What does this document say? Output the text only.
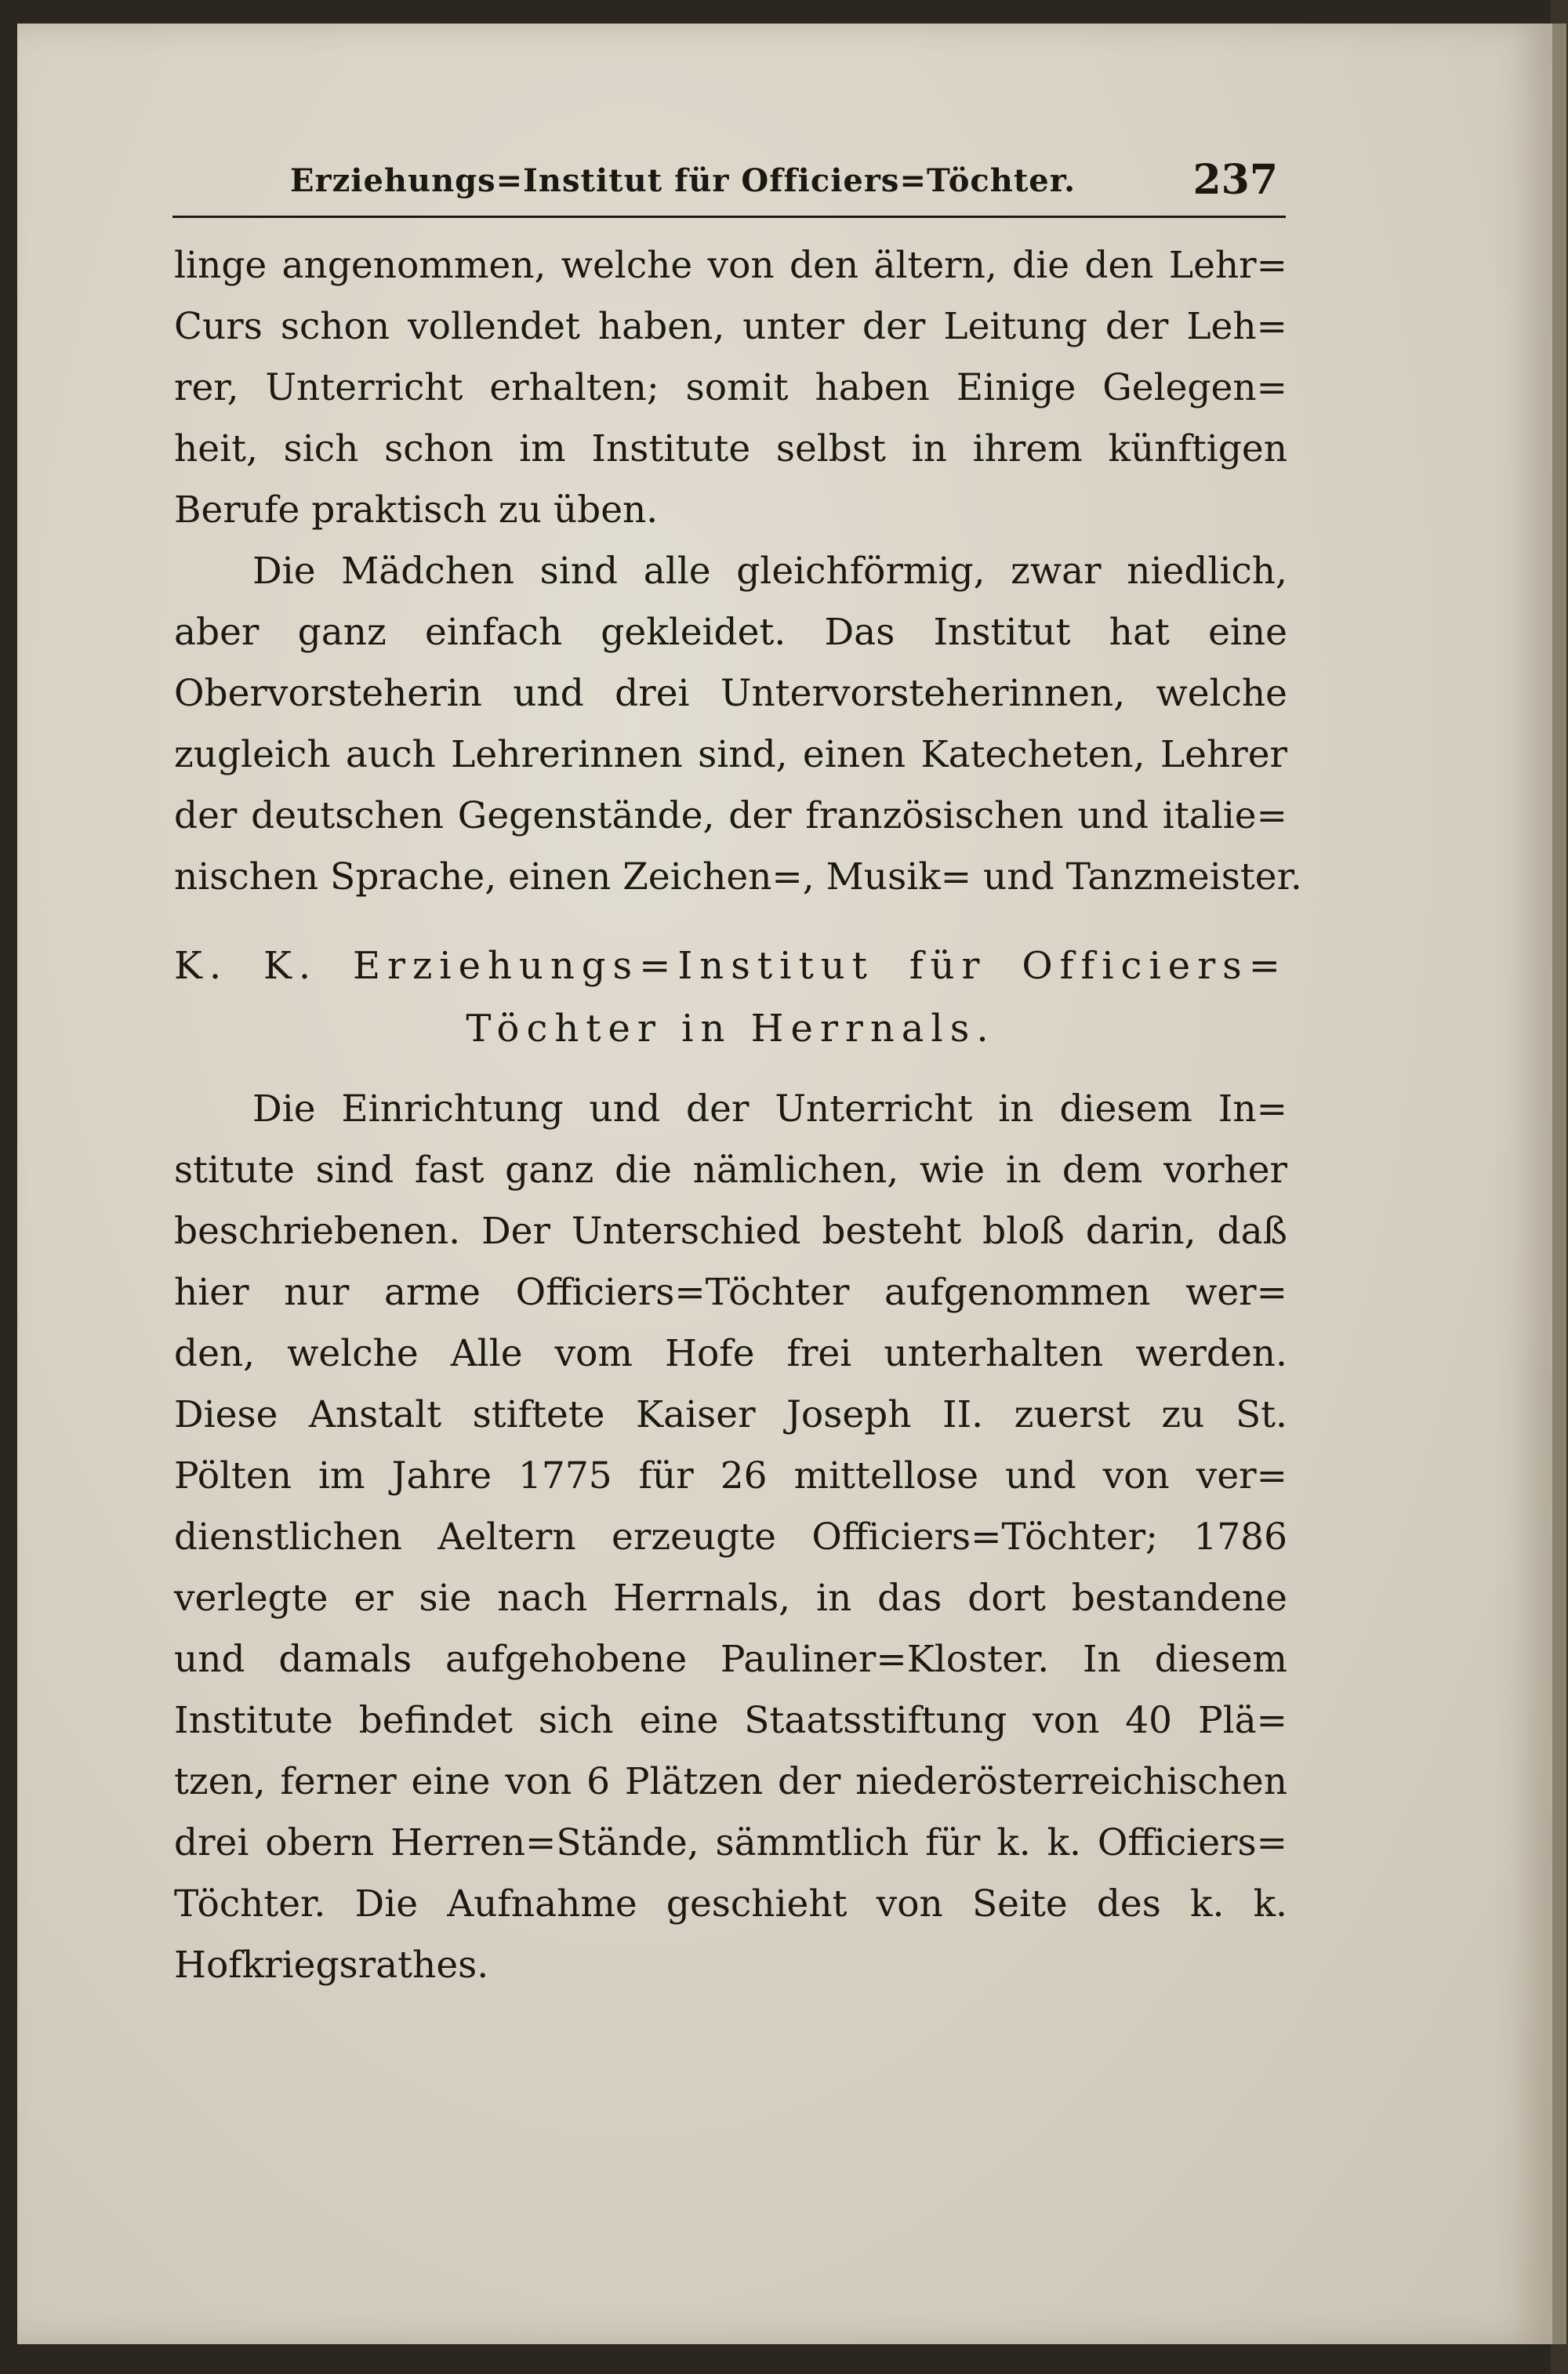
Erziehungs=Institut für Officiers=Töchter.	237
linge angenommen, welche von den ältern, die den Lehr=
Curs schon vollendet haben, unter der Leitung der Leh=
rer, Unterricht erhalten; somit haben Einige Gelegen=
heit, sich schon im Institute selbst in ihrem künftigen
Berufe praktisch zu üben.
Die Mädchen sind alle gleichförmig, zwar niedlich,
aber ganz einfach gekleidet. Das Institut hat eine
Obervorsteherin und drei Untervorsteherinnen, welche
zugleich auch Lehrerinnen sind, einen Katecheten, Lehrer
der deutschen Gegenstände, der französischen und italie=
nischen Sprache, einen Zeichen=, Musik= und Tanzmeister.
K. K. Erziehungs=Institut für Officiers=
Töchter in Herrnals.
Die Einrichtung und der Unterricht in diesem In=
stitute sind fast ganz die nämlichen, wie in dem vorher
beschriebenen. Der Unterschied besteht bloß darin, daß
hier nur arme Officiers=Töchter aufgenommen wer=
den, welche Alle vom Hofe frei unterhalten werden.
Diese Anstalt stiftete Kaiser Joseph II. zuerst zu St.
Pölten im Jahre 1775 für 26 mittellose und von ver=
dienstlichen Aeltern erzeugte Officiers=Töchter; 1786
verlegte er sie nach Herrnals, in das dort bestandene
und damals aufgehobene Pauliner=Kloster. In diesem
Institute befindet sich eine Staatsstiftung von 40 Plä=
tzen, ferner eine von 6 Plätzen der niederösterreichischen
drei obern Herren=Stände, sämmtlich für k. k. Officiers=
Töchter. Die Aufnahme geschieht von Seite des k. k.
Hofkriegsrathes.
